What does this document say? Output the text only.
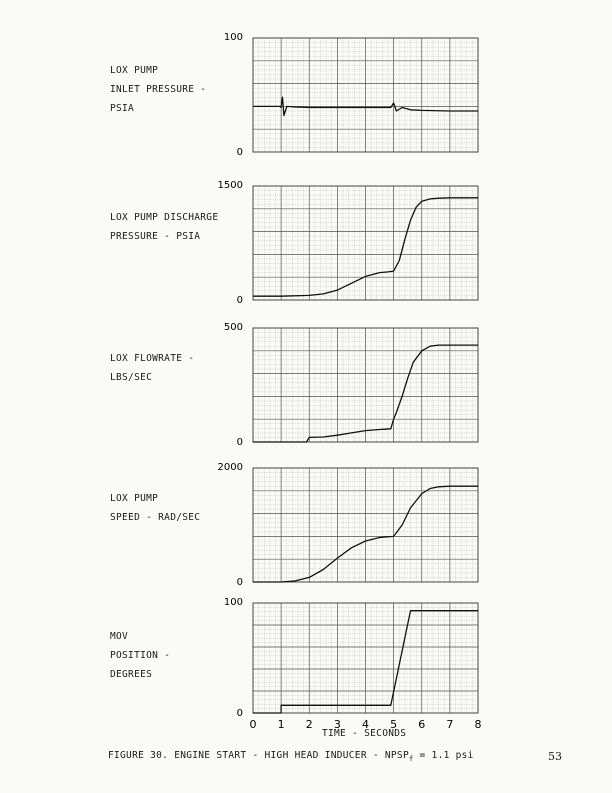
LOX PUMP
INLET PRESSURE -
PSIA
LOX PUMP DISCHARGE
PRESSURE - PSIA
LOX FLOWRATE -
LBS/SEC
LOX PUMP
SPEED - RAD/SEC
MOV
POSITION -
DEGREES
100
0
1500
0
500
0
2000
0
100
0
0 1 2 3 4 5 6 7 8
TIME - SECONDS
FIGURE 30. ENGINE START - HIGH HEAD INDUCER - $NPSP_f = 1.1$ psi	53
